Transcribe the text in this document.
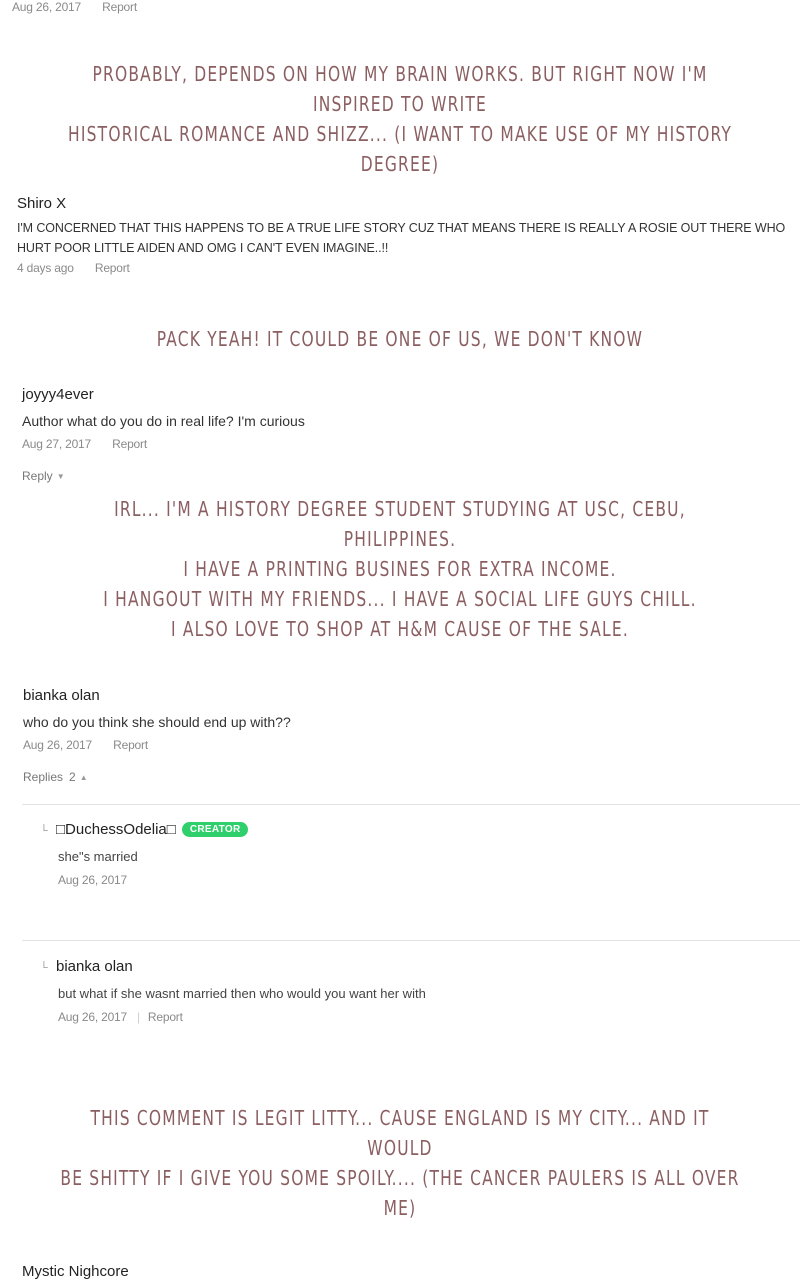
Aug 26, 2017 Report
PROBABLY, DEPENDS ON HOW MY BRAIN WORKS. BUT RIGHT NOW I'M INSPIRED TO WRITE
HISTORICAL ROMANCE AND SHIZZ... (I WANT TO MAKE USE OF MY HISTORY DEGREE)
Shiro X
I'M CONCERNED THAT THIS HAPPENS TO BE A TRUE LIFE STORY CUZ THAT MEANS THERE IS REALLY A ROSIE OUT THERE WHO HURT POOR LITTLE AIDEN AND OMG I CAN'T EVEN IMAGINE..!!
4 days ago Report
PACK YEAH! IT COULD BE ONE OF US, WE DON'T KNOW
joyyy4ever
Author what do you do in real life? I'm curious
Aug 27, 2017 Report
Reply ▼
IRL... I'M A HISTORY DEGREE STUDENT STUDYING AT USC, CEBU, PHILIPPINES.
I HAVE A PRINTING BUSINES FOR EXTRA INCOME.
I HANGOUT WITH MY FRIENDS... I HAVE A SOCIAL LIFE GUYS CHILL.
I ALSO LOVE TO SHOP AT H&M CAUSE OF THE SALE.
bianka olan
who do you think she should end up with??
Aug 26, 2017 Report
Replies 2 ▲
└ □DuchessOdelia□ CREATOR
she"s married
Aug 26, 2017
└ bianka olan
but what if she wasnt married then who would you want her with
Aug 26, 2017 | Report
THIS COMMENT IS LEGIT LITTY... CAUSE ENGLAND IS MY CITY... AND IT WOULD
BE SHITTY IF I GIVE YOU SOME SPOILY.... (THE CANCER PAULERS IS ALL OVER ME)
Mystic Nighcore
